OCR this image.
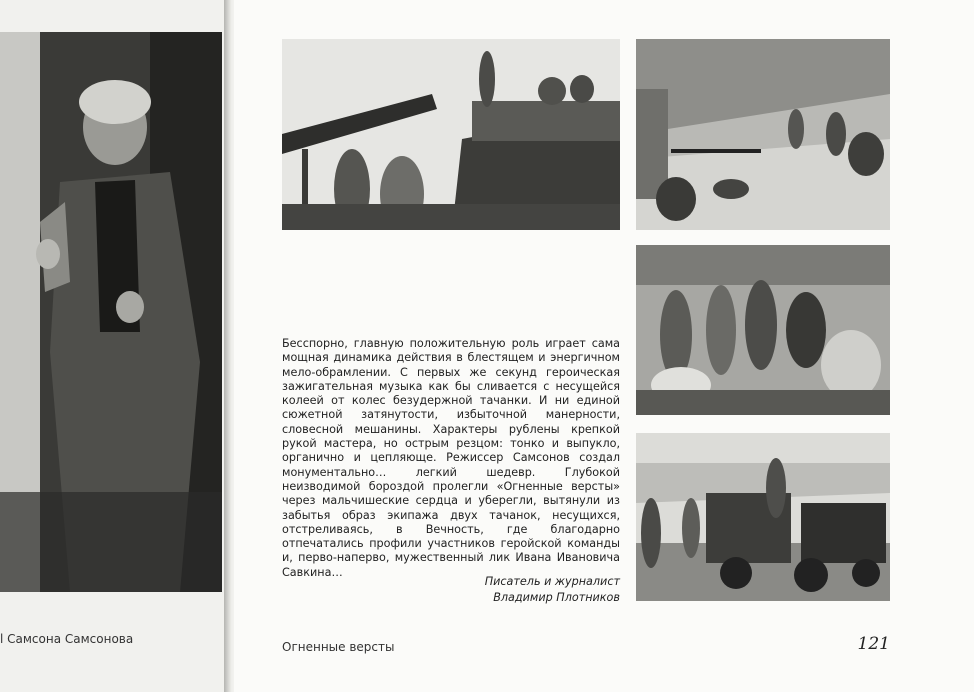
l Самсона Самсонова

Бесспорно, главную положительную роль играет сама мощная динамика действия в блестящем и энергичном мело-обрамлении. С первых же секунд героическая зажигательная музыка как бы сливается с несущейся колеей от колес безудержной тачанки. И ни единой сюжетной затянутости, избыточной манерности, словесной мешанины. Характеры рублены крепкой рукой мастера, но острым резцом: тонко и выпукло, органично и цепляюще. Режиссер Самсонов создал монументально… легкий шедевр. Глубокой неизводимой бороздой пролегли «Огненные версты» через мальчишеские сердца и уберегли, вытянули из забытья образ экипажа двух тачанок, несущихся, отстреливаясь, в Вечность, где благодарно отпечатались профили участников геройской команды и, перво-наперво, мужественный лик Ивана Ивановича Савкина…

Писатель и журналист
Владимир Плотников
Огненные версты	121
